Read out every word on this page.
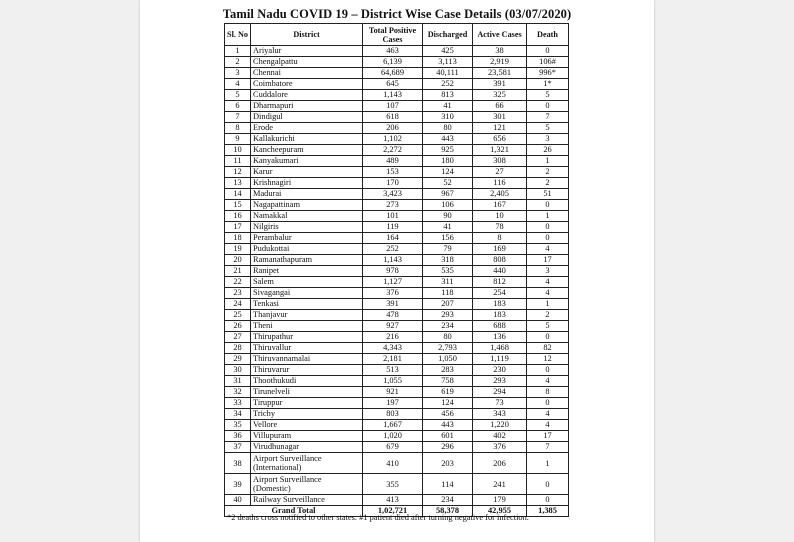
Tamil Nadu COVID 19 – District Wise Case Details (03/07/2020)
Sl. No	District	Total Positive Cases	Discharged	Active Cases	Death
1	Ariyalur	463	425	38	0
2	Chengalpattu	6,139	3,113	2,919	106#
3	Chennai	64,689	40,111	23,581	996*
4	Coimbatore	645	252	391	1*
5	Cuddalore	1,143	813	325	5
6	Dharmapuri	107	41	66	0
7	Dindigul	618	310	301	7
8	Erode	206	80	121	5
9	Kallakurichi	1,102	443	656	3
10	Kancheepuram	2,272	925	1,321	26
11	Kanyakumari	489	180	308	1
12	Karur	153	124	27	2
13	Krishnagiri	170	52	116	2
14	Madurai	3,423	967	2,405	51
15	Nagapattinam	273	106	167	0
16	Namakkal	101	90	10	1
17	Nilgiris	119	41	78	0
18	Perambalur	164	156	8	0
19	Pudukottai	252	79	169	4
20	Ramanathapuram	1,143	318	808	17
21	Ranipet	978	535	440	3
22	Salem	1,127	311	812	4
23	Sivagangai	376	118	254	4
24	Tenkasi	391	207	183	1
25	Thanjavur	478	293	183	2
26	Theni	927	234	688	5
27	Thirupathur	216	80	136	0
28	Thiruvallur	4,343	2,793	1,468	82
29	Thiruvannamalai	2,181	1,050	1,119	12
30	Thiruvarur	513	283	230	0
31	Thoothukudi	1,055	758	293	4
32	Tirunelveli	921	619	294	8
33	Tiruppur	197	124	73	0
34	Trichy	803	456	343	4
35	Vellore	1,667	443	1,220	4
36	Villupuram	1,020	601	402	17
37	Virudhunagar	679	296	376	7
38	Airport Surveillance (International)	410	203	206	1
39	Airport Surveillance (Domestic)	355	114	241	0
40	Railway Surveillance	413	234	179	0
Grand Total		1,02,721	58,378	42,955	1,385
*2 deaths cross notified to other states. #1 patient died after turning negative for infection.
